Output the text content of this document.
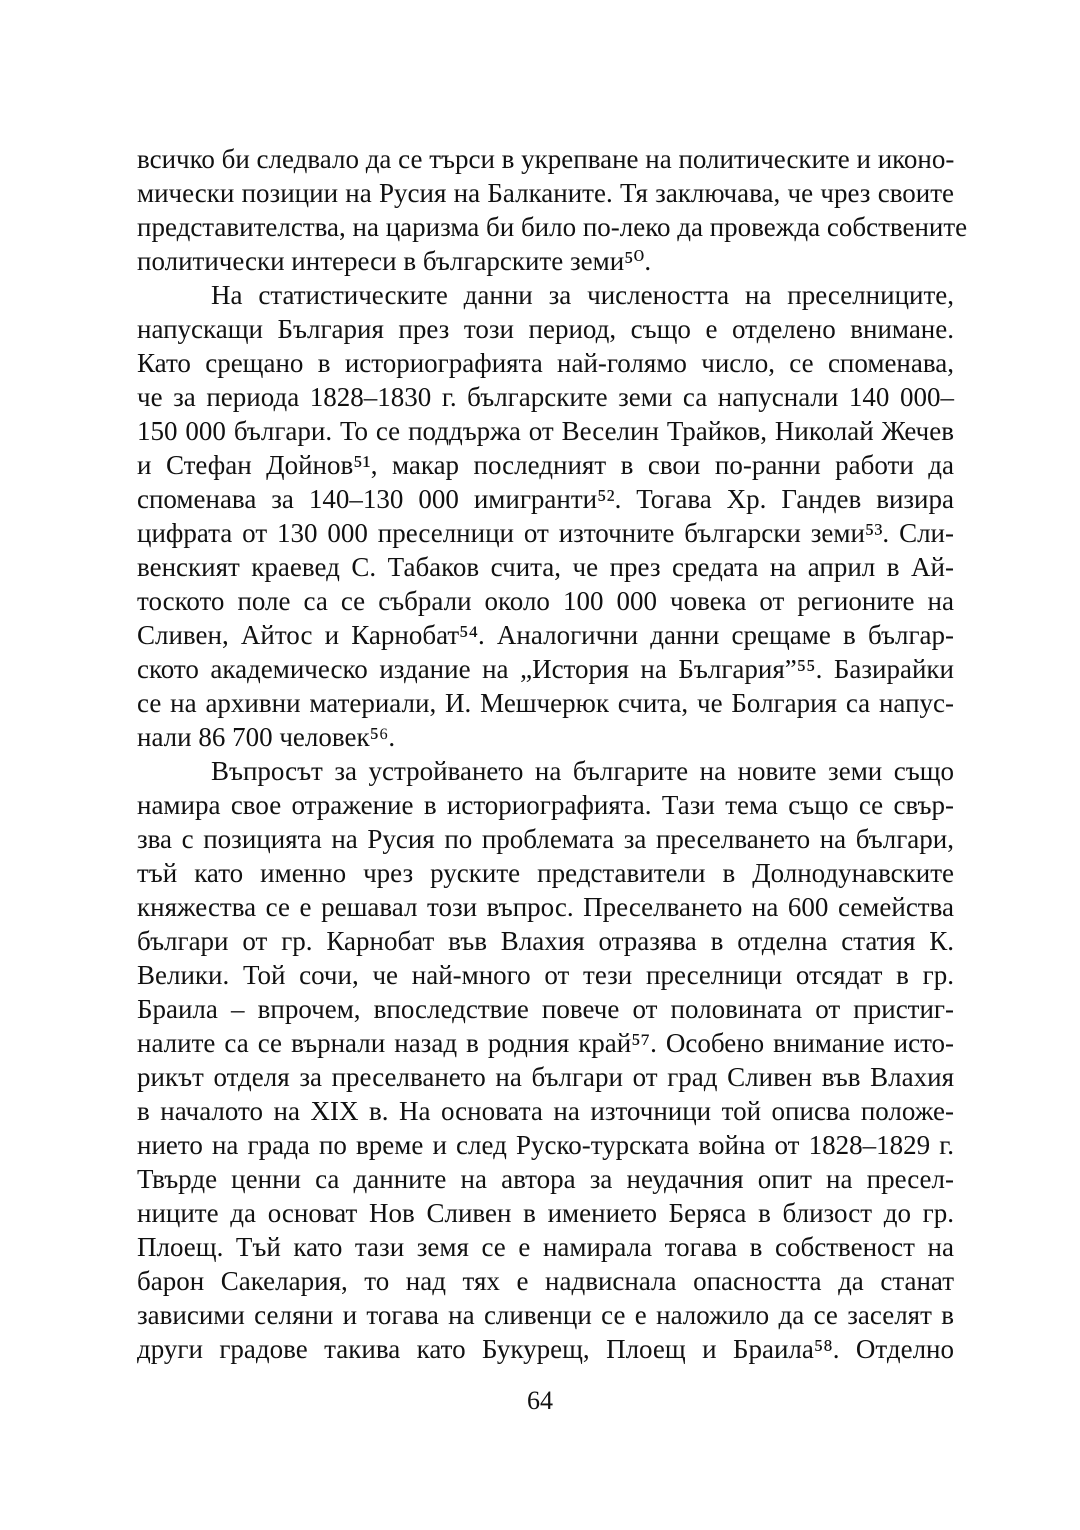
всичко би следвало да се търси в укрепване на политическите и иконо-
мически позиции на Русия на Балканите. Тя заключава, че чрез своите
представителства, на царизма би било по-леко да провежда собствените
политически интереси в българските земи⁵⁰.
На статистическите данни за числеността на преселниците,
напускащи България през този период, също е отделено внимане.
Като срещано в историографията най-голямо число, се споменава,
че за периода 1828–1830 г. българските земи са напуснали 140 000–
150 000 българи. То се поддържа от Веселин Трайков, Николай Жечев
и Стефан Дойнов⁵¹, макар последният в свои по-ранни работи да
споменава за 140–130 000 имигранти⁵². Тогава Хр. Гандев визира
цифрата от 130 000 преселници от източните български земи⁵³. Сли-
венският краевед С. Табаков счита, че през средата на април в Ай-
тоското поле са се събрали около 100 000 човека от регионите на
Сливен, Айтос и Карнобат⁵⁴. Аналогични данни срещаме в българ-
ското академическо издание на „История на България”⁵⁵. Базирайки
се на архивни материали, И. Мешчерюк счита, че Болгария са напус-
нали 86 700 человек⁵⁶.
Въпросът за устройването на българите на новите земи също
намира свое отражение в историографията. Тази тема също се свър-
зва с позицията на Русия по проблемата за преселването на българи,
тъй като именно чрез руските представители в Долнодунавските
княжества се е решавал този въпрос. Преселването на 600 семейства
българи от гр. Карнобат във Влахия отразява в отделна статия К.
Велики. Той сочи, че най-много от тези преселници отсядат в гр.
Браила – впрочем, впоследствие повече от половината от пристиг-
налите са се върнали назад в родния край⁵⁷. Особено внимание исто-
рикът отделя за преселването на българи от град Сливен във Влахия
в началото на XIX в. На основата на източници той описва положе-
нието на града по време и след Руско-турската война от 1828–1829 г.
Твърде ценни са данните на автора за неудачния опит на пресел-
ниците да основат Нов Сливен в имението Беряса в близост до гр.
Плоещ. Тъй като тази земя се е намирала тогава в собственост на
барон Сакелария, то над тях е надвиснала опасността да станат
зависими селяни и тогава на сливенци се е наложило да се заселят в
други градове такива като Букурещ, Плоещ и Браила⁵⁸. Отделно
64
